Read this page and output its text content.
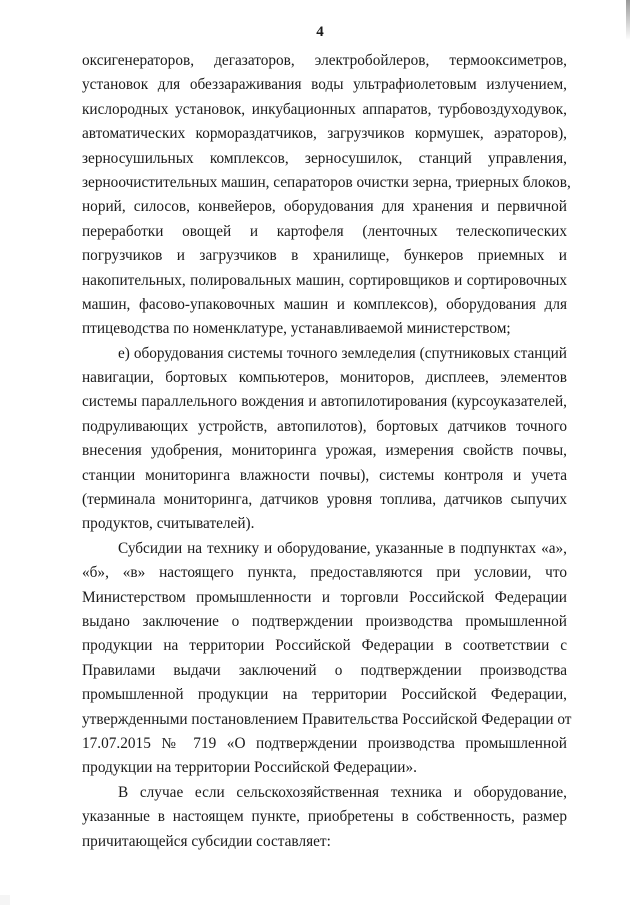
4
оксигенераторов, дегазаторов, электробойлеров, термооксиметров,
установок для обеззараживания воды ультрафиолетовым излучением,
кислородных установок, инкубационных аппаратов, турбовоздуходувок,
автоматических кормораздатчиков, загрузчиков кормушек, аэраторов),
зерносушильных комплексов, зерносушилок, станций управления,
зерноочистительных машин, сепараторов очистки зерна, триерных блоков,
норий, силосов, конвейеров, оборудования для хранения и первичной
переработки овощей и картофеля (ленточных телескопических
погрузчиков и загрузчиков в хранилище, бункеров приемных и
накопительных, полировальных машин, сортировщиков и сортировочных
машин, фасово-упаковочных машин и комплексов), оборудования для
птицеводства по номенклатуре, устанавливаемой министерством;
е) оборудования системы точного земледелия (спутниковых станций
навигации, бортовых компьютеров, мониторов, дисплеев, элементов
системы параллельного вождения и автопилотирования (курсоуказателей,
подруливающих устройств, автопилотов), бортовых датчиков точного
внесения удобрения, мониторинга урожая, измерения свойств почвы,
станции мониторинга влажности почвы), системы контроля и учета
(терминала мониторинга, датчиков уровня топлива, датчиков сыпучих
продуктов, считывателей).
Субсидии на технику и оборудование, указанные в подпунктах «а»,
«б», «в» настоящего пункта, предоставляются при условии, что
Министерством промышленности и торговли Российской Федерации
выдано заключение о подтверждении производства промышленной
продукции на территории Российской Федерации в соответствии с
Правилами выдачи заключений о подтверждении производства
промышленной продукции на территории Российской Федерации,
утвержденными постановлением Правительства Российской Федерации от
17.07.2015 № 719 «О подтверждении производства промышленной
продукции на территории Российской Федерации».
В случае если сельскохозяйственная техника и оборудование,
указанные в настоящем пункте, приобретены в собственность, размер
причитающейся субсидии составляет:
